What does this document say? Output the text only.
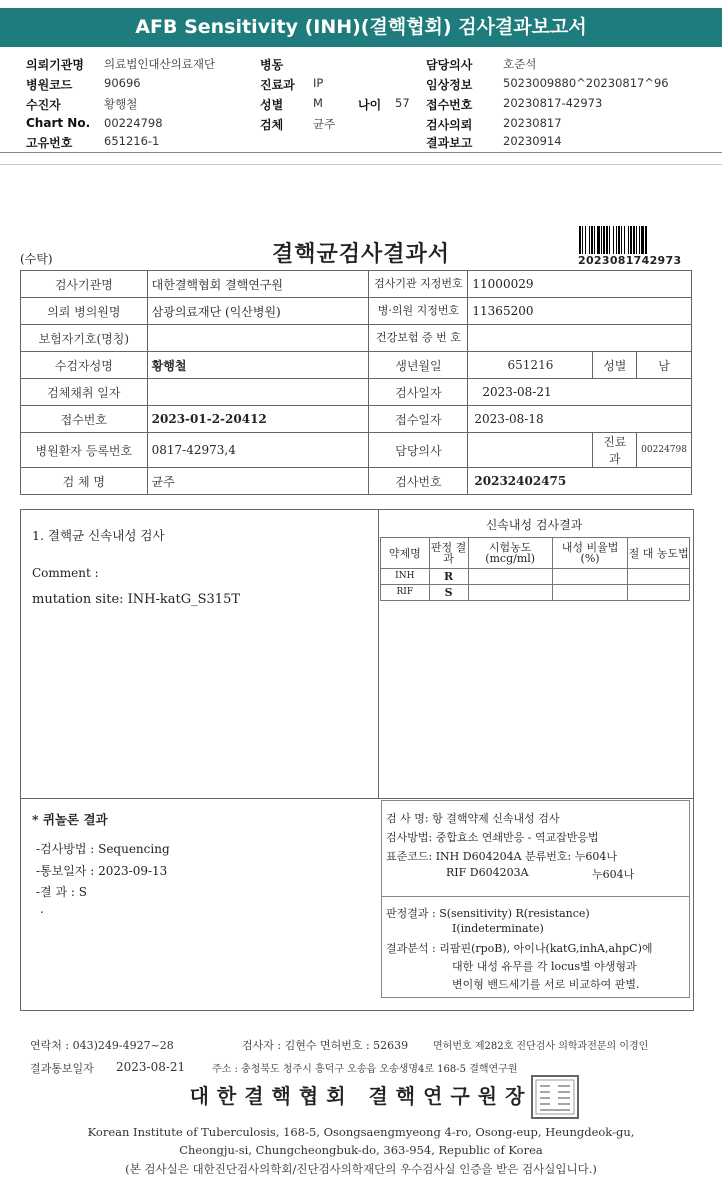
AFB Sensitivity (INH)(결핵협회) 검사결과보고서
의뢰기관명 의료법인대산의료재단	병동	담당의사	호준석
병원코드	90696	진료과 IP	임상정보	5023009880^20230817^96
수진자	황행철	성별	M	나이 57 접수번호	20230817-42973
Chart No. 00224798	검체	균주	검사의뢰	20230817
고유번호	651216-1	결과보고	20230914
(수탁)	결핵균검사결과서	2023081742973
검사기관명	대한결핵협회 결핵연구원	검사기관 지정번호	11000029		
의뢰 병의원명	삼광의료재단 (익산병원)	병·의원 지정번호	11365200		
보험자기호(명칭)		건강보험 증 번 호			
수검자성명	황행철	생년월일	651216	성별	남
검체채취 일자		검사일자	2023-08-21		
접수번호	2023-01-2-20412	접수일자	2023-08-18		
병원환자 등록번호	0817-42973,4	담당의사		진료과	00224798
검 체 명	균주	검사번호	20232402475		
1. 결핵균 신속내성 검사
Comment :
mutation site: INH-katG_S315T
신속내성 검사결과
약제명	판정 결과	시험농도 (mcg/ml)	내성 비율법(%)	절 대 농도법
INH	R			
RIF	S			
* 퀴놀론 결과
-검사방법 : Sequencing
-통보일자 : 2023-09-13
-결 과 : S
.
검 사 명: 항 결핵약제 신속내성 검사
검사방법: 중합효소 연쇄반응 - 역교잡반응법
표준코드: INH D604204A 분류번호: 누604나
RIF D604203A	누604나
판정결과 : S(sensitivity) R(resistance)
I(indeterminate)
결과분석 : 리팜핀(rpoB), 아이나(katG,inhA,ahpC)에
대한 내성 유무를 각 locus별 야생형과
변이형 밴드세기를 서로 비교하여 판별.
연락처 : 043)249-4927~28	검사자 : 김현수 면허번호 : 52639 면허번호 제282호 진단검사 의학과전문의 이경인
결과통보일자 2023-08-21	주소 : 충청북도 청주시 흥덕구 오송읍 오송생명4로 168-5 결핵연구원
대한결핵협회 결핵연구원장
Korean Institute of Tuberculosis, 168-5, Osongsaengmyeong 4-ro, Osong-eup, Heungdeok-gu,
Cheongju-si, Chungcheongbuk-do, 363-954, Republic of Korea
(본 검사실은 대한진단검사의학회/진단검사의학재단의 우수검사실 인증을 받은 검사실입니다.)
